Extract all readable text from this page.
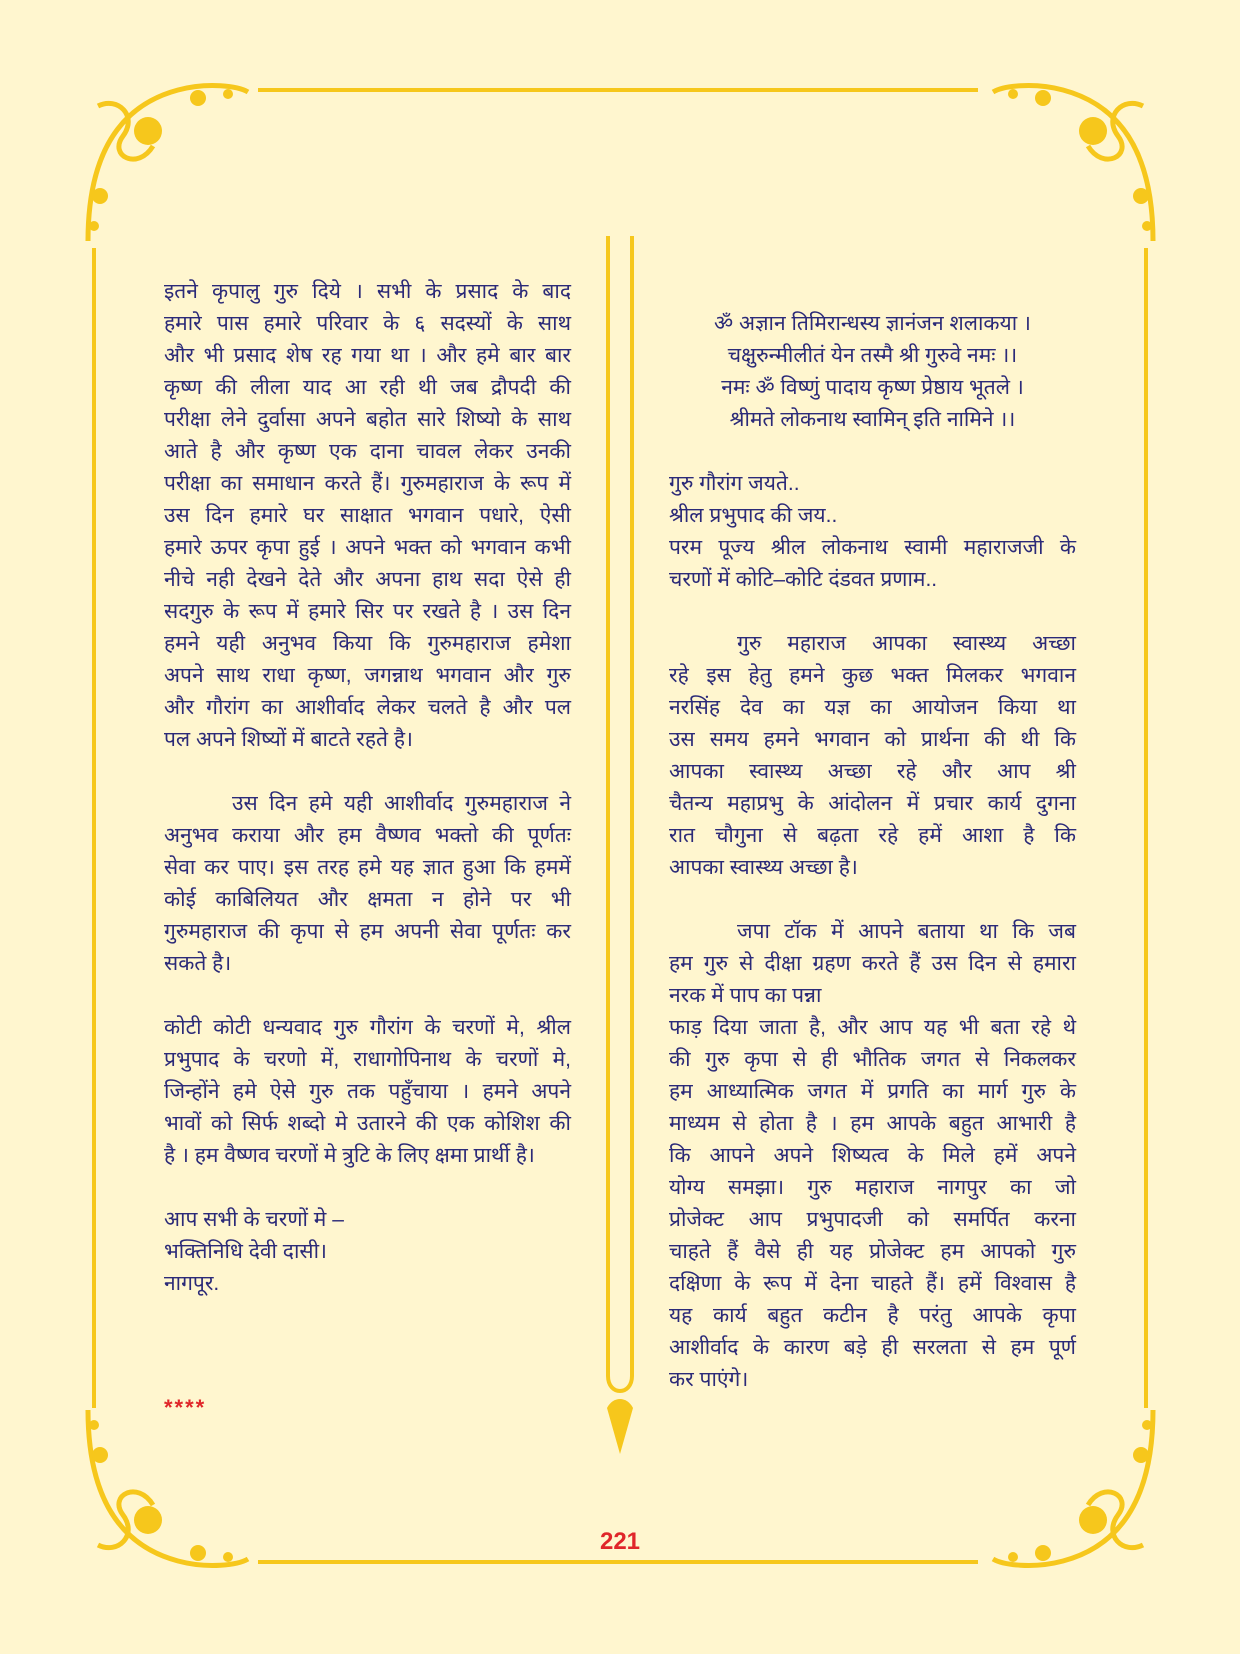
इतने कृपालु गुरु दिये । सभी के प्रसाद के बाद
हमारे पास हमारे परिवार के ६ सदस्यों के साथ
और भी प्रसाद शेष रह गया था । और हमे बार बार
कृष्ण की लीला याद आ रही थी जब द्रौपदी की
परीक्षा लेने दुर्वासा अपने बहोत सारे शिष्यो के साथ
आते है और कृष्ण एक दाना चावल लेकर उनकी
परीक्षा का समाधान करते हैं। गुरुमहाराज के रूप में
उस दिन हमारे घर साक्षात भगवान पधारे, ऐसी
हमारे ऊपर कृपा हुई । अपने भक्त को भगवान कभी
नीचे नही देखने देते और अपना हाथ सदा ऐसे ही
सदगुरु के रूप में हमारे सिर पर रखते है । उस दिन
हमने यही अनुभव किया कि गुरुमहाराज हमेशा
अपने साथ राधा कृष्ण, जगन्नाथ भगवान और गुरु
और गौरांग का आशीर्वाद लेकर चलते है और पल
पल अपने शिष्यों में बाटते रहते है।
उस दिन हमे यही आशीर्वाद गुरुमहाराज ने
अनुभव कराया और हम वैष्णव भक्तो की पूर्णतः
सेवा कर पाए। इस तरह हमे यह ज्ञात हुआ कि हममें
कोई काबिलियत और क्षमता न होने पर भी
गुरुमहाराज की कृपा से हम अपनी सेवा पूर्णतः कर
सकते है।
कोटी कोटी धन्यवाद गुरु गौरांग के चरणों मे, श्रील
प्रभुपाद के चरणो में, राधागोपिनाथ के चरणों मे,
जिन्होंने हमे ऐसे गुरु तक पहुँचाया । हमने अपने
भावों को सिर्फ शब्दो मे उतारने की एक कोशिश की
है । हम वैष्णव चरणों मे त्रुटि के लिए क्षमा प्रार्थी है।
आप सभी के चरणों मे –
भक्तिनिधि देवी दासी।
नागपूर.
****
ॐ अज्ञान तिमिरान्धस्य ज्ञानंजन शलाकया ।
चक्षुरुन्मीलीतं येन तस्मै श्री गुरुवे नमः ।।
नमः ॐ विष्णुं पादाय कृष्ण प्रेष्ठाय भूतले ।
श्रीमते लोकनाथ स्वामिन् इति नामिने ।।
गुरु गौरांग जयते..
श्रील प्रभुपाद की जय..
परम पूज्य श्रील लोकनाथ स्वामी महाराजजी के
चरणों में कोटि–कोटि दंडवत प्रणाम..
गुरु महाराज आपका स्वास्थ्य अच्छा
रहे इस हेतु हमने कुछ भक्त मिलकर भगवान
नरसिंह देव का यज्ञ का आयोजन किया था
उस समय हमने भगवान को प्रार्थना की थी कि
आपका स्वास्थ्य अच्छा रहे और आप श्री
चैतन्य महाप्रभु के आंदोलन में प्रचार कार्य दुगना
रात चौगुना से बढ़ता रहे हमें आशा है कि
आपका स्वास्थ्य अच्छा है।
जपा टॉक में आपने बताया था कि जब
हम गुरु से दीक्षा ग्रहण करते हैं उस दिन से हमारा
नरक में पाप का पन्ना
फाड़ दिया जाता है, और आप यह भी बता रहे थे
की गुरु कृपा से ही भौतिक जगत से निकलकर
हम आध्यात्मिक जगत में प्रगति का मार्ग गुरु के
माध्यम से होता है । हम आपके बहुत आभारी है
कि आपने अपने शिष्यत्व के मिले हमें अपने
योग्य समझा। गुरु महाराज नागपुर का जो
प्रोजेक्ट आप प्रभुपादजी को समर्पित करना
चाहते हैं वैसे ही यह प्रोजेक्ट हम आपको गुरु
दक्षिणा के रूप में देना चाहते हैं। हमें विश्वास है
यह कार्य बहुत कटीन है परंतु आपके कृपा
आशीर्वाद के कारण बड़े ही सरलता से हम पूर्ण
कर पाएंगे।
221
